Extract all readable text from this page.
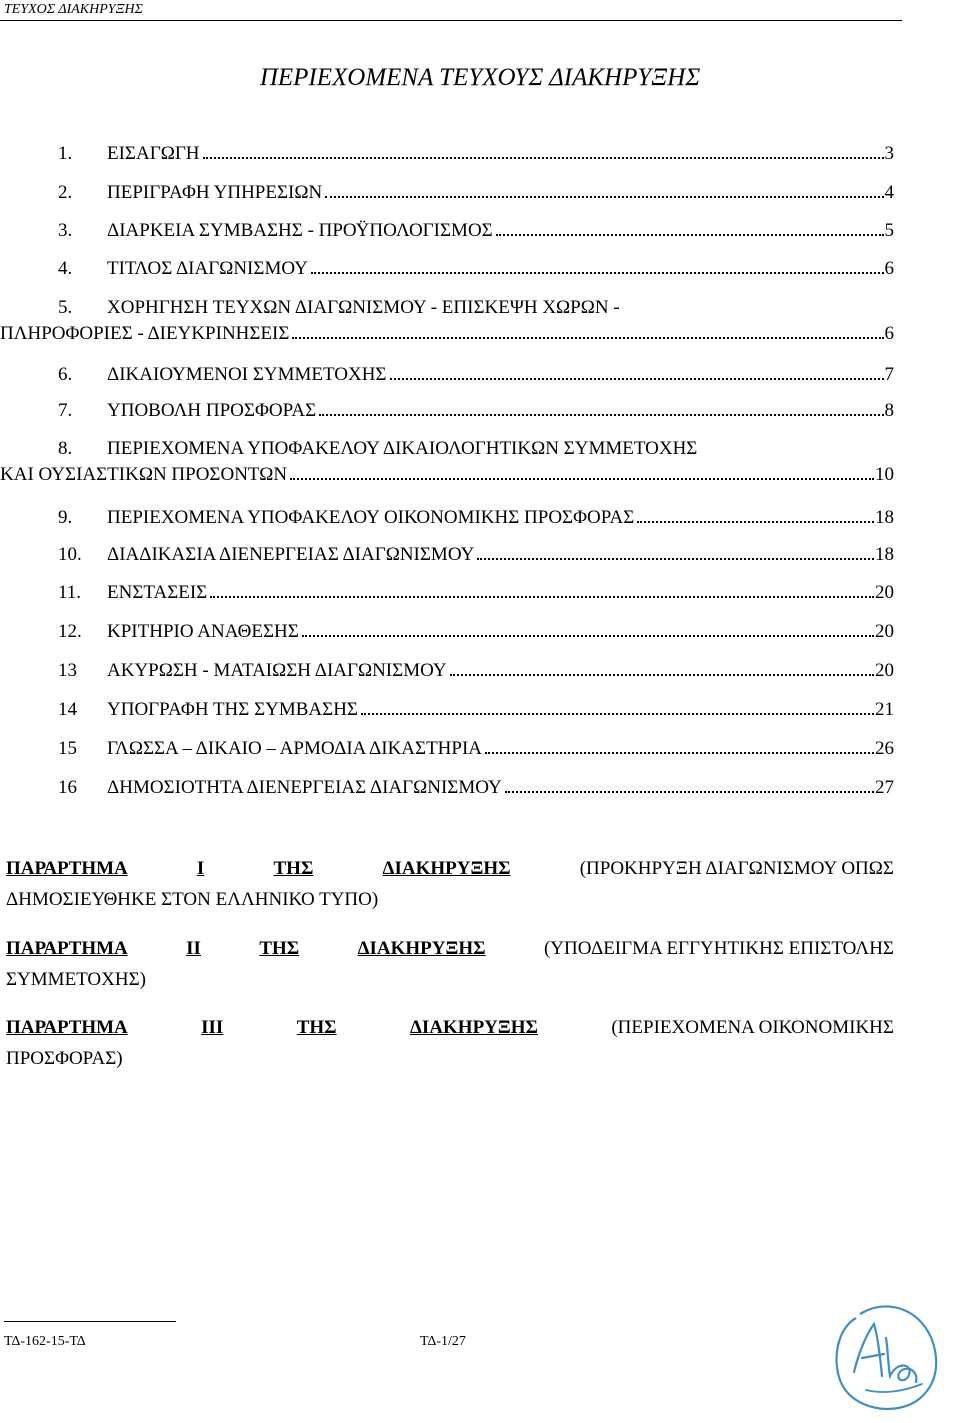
ΤΕΥΧΟΣ ΔΙΑΚΗΡΥΞΗΣ
ΠΕΡΙΕΧΟΜΕΝΑ ΤΕΥΧΟΥΣ ΔΙΑΚΗΡΥΞΗΣ
1.	ΕΙΣΑΓΩΓΗ	3
2.	ΠΕΡΙΓΡΑΦΗ ΥΠΗΡΕΣΙΩΝ	4
3.	ΔΙΑΡΚΕΙΑ ΣΥΜΒΑΣΗΣ - ΠΡΟΫΠΟΛΟΓΙΣΜΟΣ	5
4.	ΤΙΤΛΟΣ ΔΙΑΓΩΝΙΣΜΟΥ	6
5.	ΧΟΡΗΓΗΣΗ ΤΕΥΧΩΝ ΔΙΑΓΩΝΙΣΜΟΥ - ΕΠΙΣΚΕΨΗ ΧΩΡΩΝ -
ΠΛΗΡΟΦΟΡΙΕΣ - ΔΙΕΥΚΡΙΝΗΣΕΙΣ	6
6.	ΔΙΚΑΙΟΥΜΕΝΟΙ ΣΥΜΜΕΤΟΧΗΣ	7
7.	ΥΠΟΒΟΛΗ ΠΡΟΣΦΟΡΑΣ	8
8.	ΠΕΡΙΕΧΟΜΕΝΑ ΥΠΟΦΑΚΕΛΟΥ ΔΙΚΑΙΟΛΟΓΗΤΙΚΩΝ ΣΥΜΜΕΤΟΧΗΣ
ΚΑΙ ΟΥΣΙΑΣΤΙΚΩΝ ΠΡΟΣΟΝΤΩΝ	10
9.	ΠΕΡΙΕΧΟΜΕΝΑ ΥΠΟΦΑΚΕΛΟΥ ΟΙΚΟΝΟΜΙΚΗΣ ΠΡΟΣΦΟΡΑΣ	18
10.	ΔΙΑΔΙΚΑΣΙΑ ΔΙΕΝΕΡΓΕΙΑΣ ΔΙΑΓΩΝΙΣΜΟΥ	18
11.	ΕΝΣΤΑΣΕΙΣ	20
12.	ΚΡΙΤΗΡΙΟ ΑΝΑΘΕΣΗΣ	20
13	ΑΚΥΡΩΣΗ - ΜΑΤΑΙΩΣΗ ΔΙΑΓΩΝΙΣΜΟΥ	20
14	ΥΠΟΓΡΑΦΗ ΤΗΣ ΣΥΜΒΑΣΗΣ	21
15	ΓΛΩΣΣΑ – ΔΙΚΑΙΟ – ΑΡΜΟΔΙΑ ΔΙΚΑΣΤΗΡΙΑ	26
16	ΔΗΜΟΣΙΟΤΗΤΑ ΔΙΕΝΕΡΓΕΙΑΣ ΔΙΑΓΩΝΙΣΜΟΥ	27
ΠΑΡΑΡΤΗΜΑ	Ι	ΤΗΣ	ΔΙΑΚΗΡΥΞΗΣ	(ΠΡΟΚΗΡΥΞΗ ΔΙΑΓΩΝΙΣΜΟΥ ΟΠΩΣ
ΔΗΜΟΣΙΕΥΘΗΚΕ ΣΤΟΝ ΕΛΛΗΝΙΚΟ ΤΥΠΟ)
ΠΑΡΑΡΤΗΜΑ	ΙΙ	ΤΗΣ	ΔΙΑΚΗΡΥΞΗΣ	(ΥΠΟΔΕΙΓΜΑ ΕΓΓΥΗΤΙΚΗΣ ΕΠΙΣΤΟΛΗΣ
ΣΥΜΜΕΤΟΧΗΣ)
ΠΑΡΑΡΤΗΜΑ	ΙΙΙ	ΤΗΣ	ΔΙΑΚΗΡΥΞΗΣ	(ΠΕΡΙΕΧΟΜΕΝΑ ΟΙΚΟΝΟΜΙΚΗΣ
ΠΡΟΣΦΟΡΑΣ)
ΤΔ-162-15-ΤΔ	ΤΔ-1/27
